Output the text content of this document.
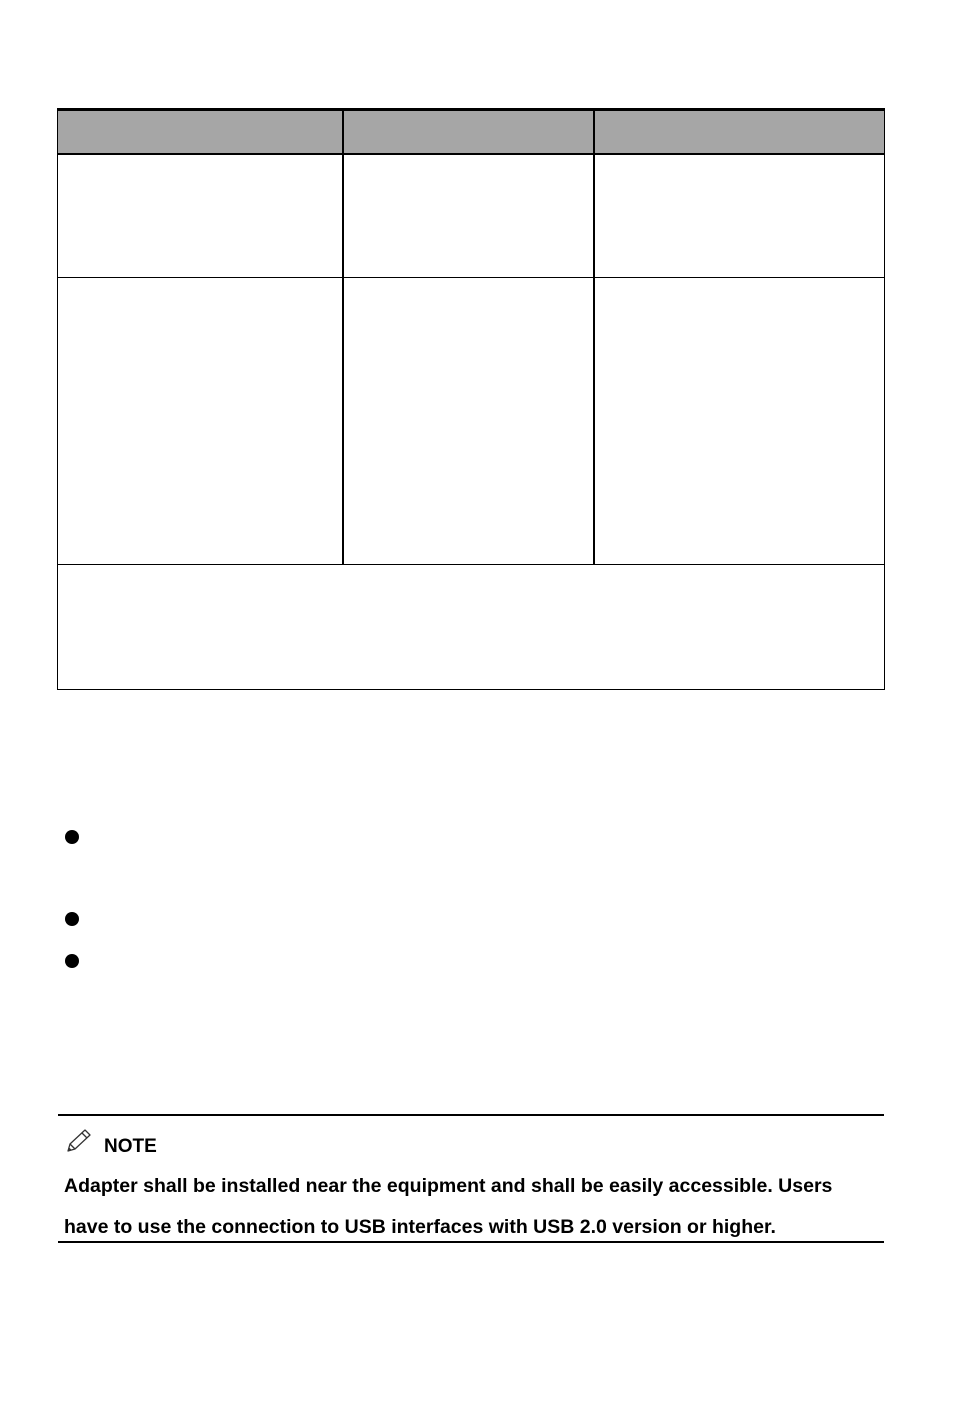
NOTE

Adapter shall be installed near the equipment and shall be easily accessible. Users
have to use the connection to USB interfaces with USB 2.0 version or higher.
